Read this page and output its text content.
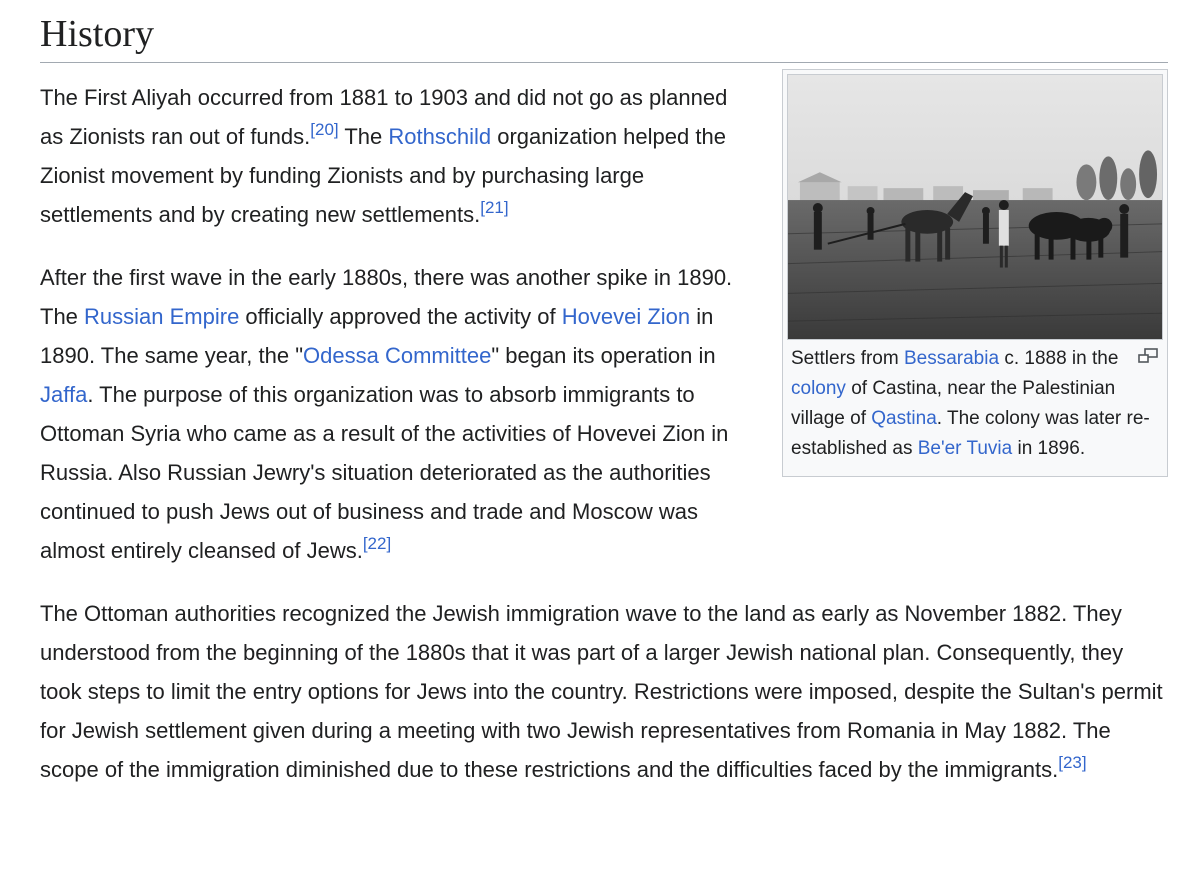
History
Settlers from Bessarabia c. 1888 in the colony of Castina, near the Palestinian village of Qastina. The colony was later re-established as Be'er Tuvia in 1896.

The First Aliyah occurred from 1881 to 1903 and did not go as planned as Zionists ran out of funds.[20] The Rothschild organization helped the Zionist movement by funding Zionists and by purchasing large settlements and by creating new settlements.[21]

After the first wave in the early 1880s, there was another spike in 1890. The Russian Empire officially approved the activity of Hovevei Zion in 1890. The same year, the "Odessa Committee" began its operation in Jaffa. The purpose of this organization was to absorb immigrants to Ottoman Syria who came as a result of the activities of Hovevei Zion in Russia. Also Russian Jewry's situation deteriorated as the authorities continued to push Jews out of business and trade and Moscow was almost entirely cleansed of Jews.[22]

The Ottoman authorities recognized the Jewish immigration wave to the land as early as November 1882. They understood from the beginning of the 1880s that it was part of a larger Jewish national plan. Consequently, they took steps to limit the entry options for Jews into the country. Restrictions were imposed, despite the Sultan's permit for Jewish settlement given during a meeting with two Jewish representatives from Romania in May 1882. The scope of the immigration diminished due to these restrictions and the difficulties faced by the immigrants.[23]
